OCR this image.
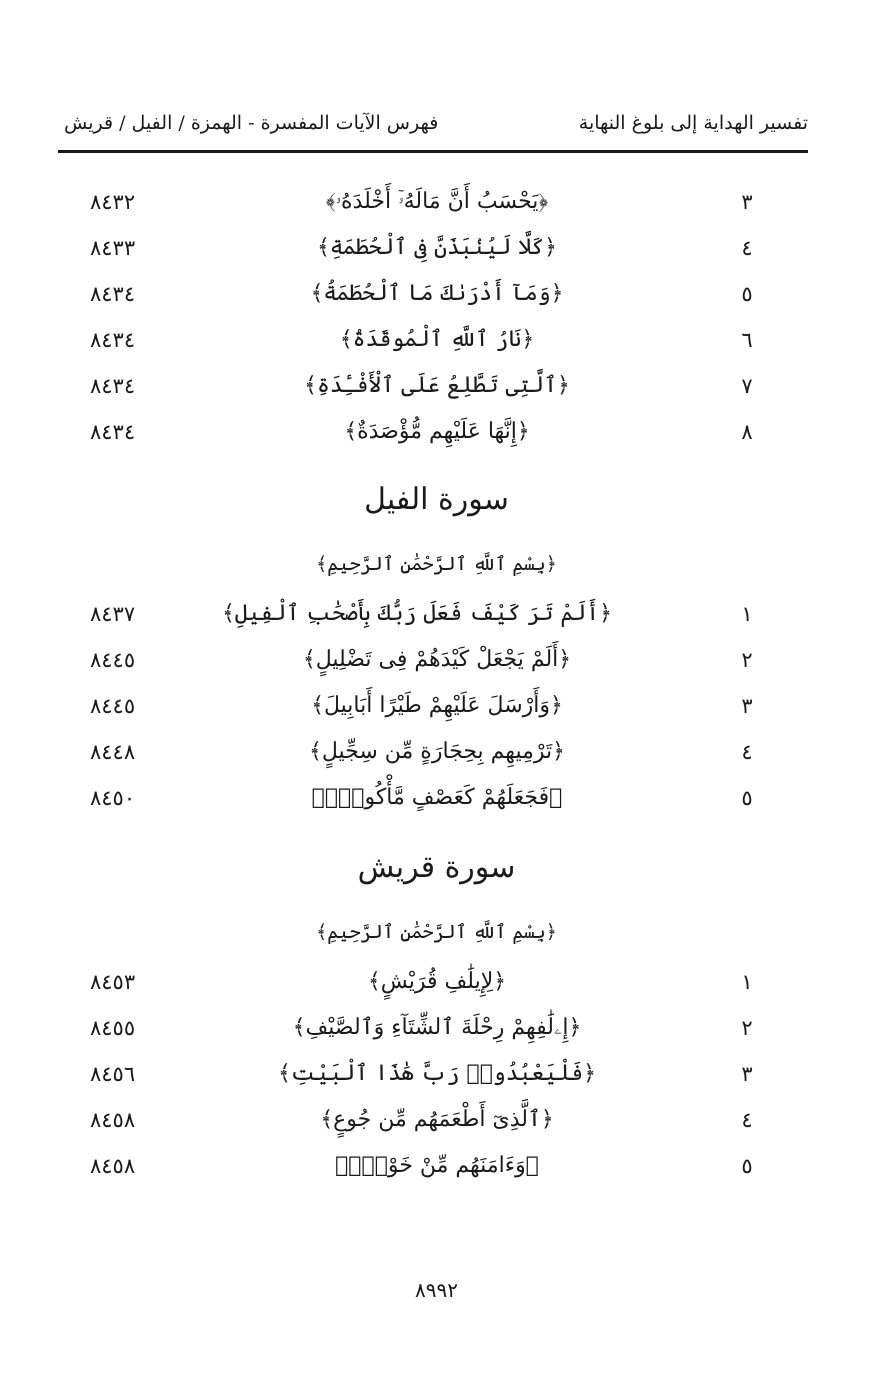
تفسير الهداية إلى بلوغ النهاية
فهرس الآيات المفسرة - الهمزة / الفيل / قريش
٣
﴿يَحْسَبُ أَنَّ مَالَهُۥٓ أَخْلَدَهُۥ﴾
٨٤٣٢
٤
﴿كَلَّا لَيُنۢبَذَنَّ فِى ٱلْحُطَمَةِ﴾
٨٤٣٣
٥
﴿وَمَآ أَدْرَىٰكَ مَا ٱلْحُطَمَةُ﴾
٨٤٣٤
٦
﴿نَارُ ٱللَّهِ ٱلْمُوقَدَةُ﴾
٨٤٣٤
٧
﴿ٱلَّتِى تَطَّلِعُ عَلَى ٱلْأَفْـِٔدَةِ﴾
٨٤٣٤
٨
﴿إِنَّهَا عَلَيْهِم مُّؤْصَدَةٌ﴾
٨٤٣٤
سورة الفيل
﴿بِسْمِ ٱللَّهِ ٱلرَّحْمَٰنِ ٱلرَّحِيمِ﴾
١
﴿أَلَمْ تَرَ كَيْفَ فَعَلَ رَبُّكَ بِأَصْحَٰبِ ٱلْفِيلِ﴾
٨٤٣٧
٢
﴿أَلَمْ يَجْعَلْ كَيْدَهُمْ فِى تَضْلِيلٍ﴾
٨٤٤٥
٣
﴿وَأَرْسَلَ عَلَيْهِمْ طَيْرًا أَبَابِيلَ﴾
٨٤٤٥
٤
﴿تَرْمِيهِم بِحِجَارَةٍ مِّن سِجِّيلٍ﴾
٨٤٤٨
٥
﴿فَجَعَلَهُمْ كَعَصْفٍ مَّأْكُولٍۭ﴾
٨٤٥٠
سورة قريش
﴿بِسْمِ ٱللَّهِ ٱلرَّحْمَٰنِ ٱلرَّحِيمِ﴾
١
﴿لِإِيلَٰفِ قُرَيْشٍ﴾
٨٤٥٣
٢
﴿إِۦلَٰفِهِمْ رِحْلَةَ ٱلشِّتَآءِ وَٱلصَّيْفِ﴾
٨٤٥٥
٣
﴿فَلْيَعْبُدُوا۟ رَبَّ هَٰذَا ٱلْبَيْتِ﴾
٨٤٥٦
٤
﴿ٱلَّذِىٓ أَطْعَمَهُم مِّن جُوعٍ﴾
٨٤٥٨
٥
﴿وَءَامَنَهُم مِّنْ خَوْفٍۭ﴾
٨٤٥٨
٨٩٩٢
